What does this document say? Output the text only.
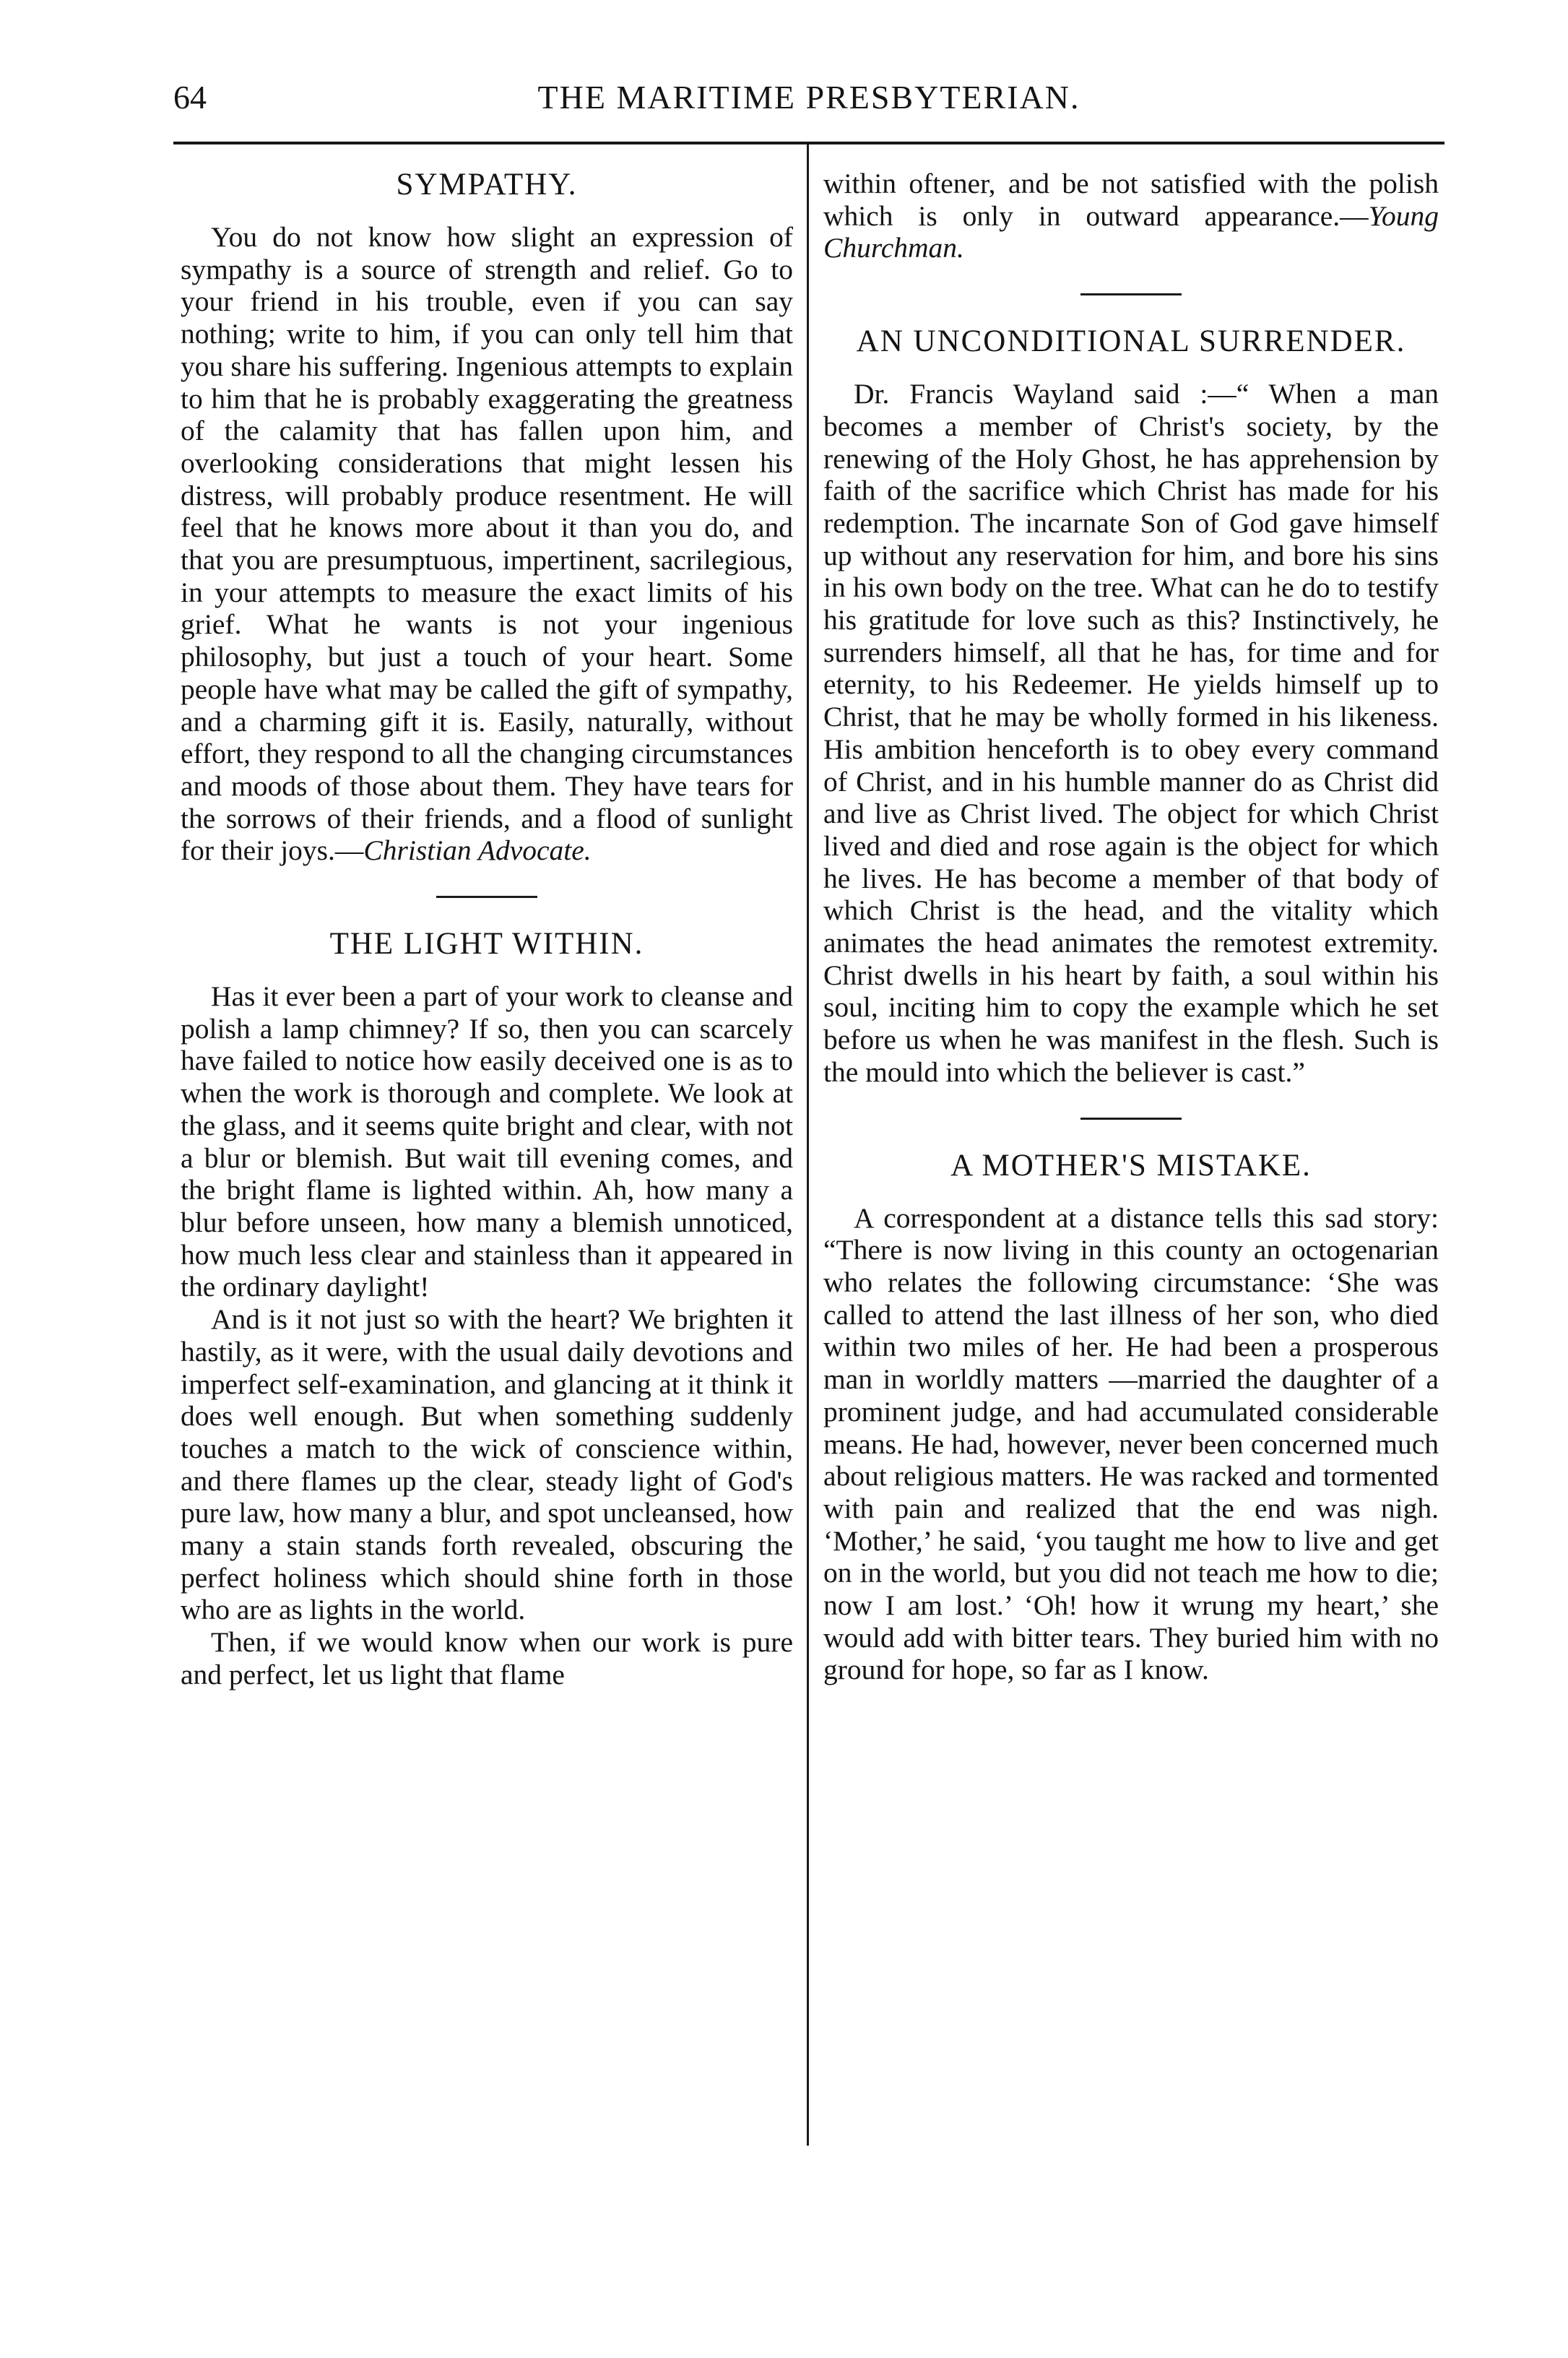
64	THE MARITIME PRESBYTERIAN.
SYMPATHY.

You do not know how slight an expression of sympathy is a source of strength and relief. Go to your friend in his trouble, even if you can say nothing; write to him, if you can only tell him that you share his suffering. Ingenious attempts to explain to him that he is probably exaggerating the greatness of the calamity that has fallen upon him, and overlooking considerations that might lessen his distress, will probably produce resentment. He will feel that he knows more about it than you do, and that you are presumptuous, impertinent, sacrilegious, in your attempts to measure the exact limits of his grief. What he wants is not your ingenious philosophy, but just a touch of your heart. Some people have what may be called the gift of sympathy, and a charming gift it is. Easily, naturally, without effort, they respond to all the changing circumstances and moods of those about them. They have tears for the sorrows of their friends, and a flood of sunlight for their joys.—Christian Advocate.

THE LIGHT WITHIN.

Has it ever been a part of your work to cleanse and polish a lamp chimney? If so, then you can scarcely have failed to notice how easily deceived one is as to when the work is thorough and complete. We look at the glass, and it seems quite bright and clear, with not a blur or blemish. But wait till evening comes, and the bright flame is lighted within. Ah, how many a blur before unseen, how many a blemish unnoticed, how much less clear and stainless than it appeared in the ordinary daylight!

And is it not just so with the heart? We brighten it hastily, as it were, with the usual daily devotions and imperfect self-examination, and glancing at it think it does well enough. But when something suddenly touches a match to the wick of conscience within, and there flames up the clear, steady light of God's pure law, how many a blur, and spot uncleansed, how many a stain stands forth revealed, obscuring the perfect holiness which should shine forth in those who are as lights in the world.

Then, if we would know when our work is pure and perfect, let us light that flame

within oftener, and be not satisfied with the polish which is only in outward appearance.—Young Churchman.

AN UNCONDITIONAL SURRENDER.

Dr. Francis Wayland said :—“ When a man becomes a member of Christ's society, by the renewing of the Holy Ghost, he has apprehension by faith of the sacrifice which Christ has made for his redemption. The incarnate Son of God gave himself up without any reservation for him, and bore his sins in his own body on the tree. What can he do to testify his gratitude for love such as this? Instinctively, he surrenders himself, all that he has, for time and for eternity, to his Redeemer. He yields himself up to Christ, that he may be wholly formed in his likeness. His ambition henceforth is to obey every command of Christ, and in his humble manner do as Christ did and live as Christ lived. The object for which Christ lived and died and rose again is the object for which he lives. He has become a member of that body of which Christ is the head, and the vitality which animates the head animates the remotest extremity. Christ dwells in his heart by faith, a soul within his soul, inciting him to copy the example which he set before us when he was manifest in the flesh. Such is the mould into which the believer is cast.”

A MOTHER'S MISTAKE.

A correspondent at a distance tells this sad story: “There is now living in this county an octogenarian who relates the following circumstance: ‘She was called to attend the last illness of her son, who died within two miles of her. He had been a prosperous man in worldly matters —married the daughter of a prominent judge, and had accumulated considerable means. He had, however, never been concerned much about religious matters. He was racked and tormented with pain and realized that the end was nigh. ‘Mother,’ he said, ‘you taught me how to live and get on in the world, but you did not teach me how to die; now I am lost.’ ‘Oh! how it wrung my heart,’ she would add with bitter tears. They buried him with no ground for hope, so far as I know.
